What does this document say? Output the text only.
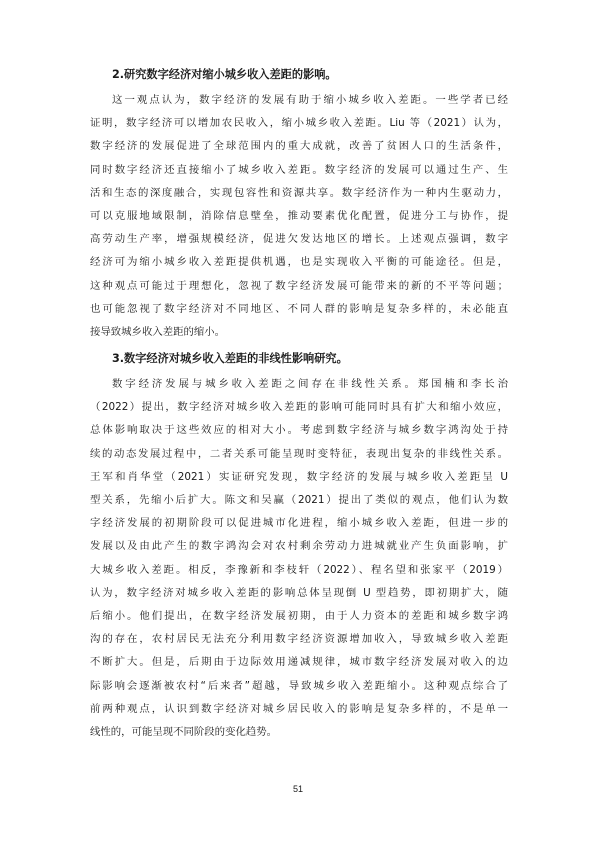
2.研究数字经济对缩小城乡收入差距的影响。
这一观点认为，数字经济的发展有助于缩小城乡收入差距。一些学者已经
证明，数字经济可以增加农民收入，缩小城乡收入差距。Liu 等（2021）认为，
数字经济的发展促进了全球范围内的重大成就，改善了贫困人口的生活条件，
同时数字经济还直接缩小了城乡收入差距。数字经济的发展可以通过生产、生
活和生态的深度融合，实现包容性和资源共享。数字经济作为一种内生驱动力，
可以克服地域限制，消除信息壁垒，推动要素优化配置，促进分工与协作，提
高劳动生产率，增强规模经济，促进欠发达地区的增长。上述观点强调，数字
经济可为缩小城乡收入差距提供机遇，也是实现收入平衡的可能途径。但是，
这种观点可能过于理想化，忽视了数字经济发展可能带来的新的不平等问题；
也可能忽视了数字经济对不同地区、不同人群的影响是复杂多样的，未必能直
接导致城乡收入差距的缩小。
3.数字经济对城乡收入差距的非线性影响研究。
数字经济发展与城乡收入差距之间存在非线性关系。郑国楠和李长治
（2022）提出，数字经济对城乡收入差距的影响可能同时具有扩大和缩小效应，
总体影响取决于这些效应的相对大小。考虑到数字经济与城乡数字鸿沟处于持
续的动态发展过程中，二者关系可能呈现时变特征，表现出复杂的非线性关系。
王军和肖华堂（2021）实证研究发现，数字经济的发展与城乡收入差距呈 U
型关系，先缩小后扩大。陈文和吴赢（2021）提出了类似的观点，他们认为数
字经济发展的初期阶段可以促进城市化进程，缩小城乡收入差距，但进一步的
发展以及由此产生的数字鸿沟会对农村剩余劳动力进城就业产生负面影响，扩
大城乡收入差距。相反，李豫新和李枝轩（2022）、程名望和张家平（2019）
认为，数字经济对城乡收入差距的影响总体呈现倒 U 型趋势，即初期扩大，随
后缩小。他们提出，在数字经济发展初期，由于人力资本的差距和城乡数字鸿
沟的存在，农村居民无法充分利用数字经济资源增加收入，导致城乡收入差距
不断扩大。但是，后期由于边际效用递减规律，城市数字经济发展对收入的边
际影响会逐渐被农村“后来者”超越，导致城乡收入差距缩小。这种观点综合了
前两种观点，认识到数字经济对城乡居民收入的影响是复杂多样的，不是单一
线性的，可能呈现不同阶段的变化趋势。
51
